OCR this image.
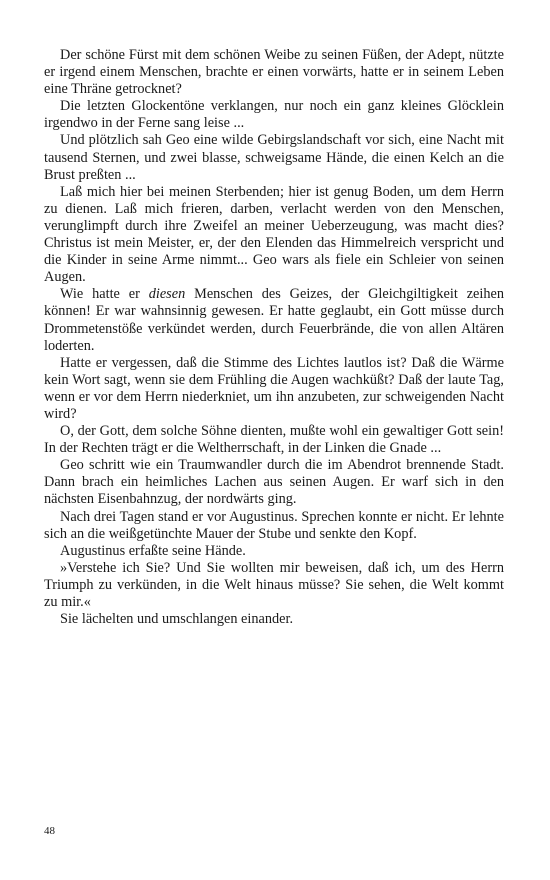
Der schöne Fürst mit dem schönen Weibe zu seinen Füßen, der Adept, nützte er irgend einem Menschen, brachte er einen vorwärts, hatte er in seinem Leben eine Thräne getrocknet?

Die letzten Glockentöne verklangen, nur noch ein ganz kleines Glöcklein irgendwo in der Ferne sang leise ...

Und plötzlich sah Geo eine wilde Gebirgslandschaft vor sich, eine Nacht mit tausend Sternen, und zwei blasse, schweigsame Hände, die einen Kelch an die Brust preßten ...

Laß mich hier bei meinen Sterbenden; hier ist genug Boden, um dem Herrn zu dienen. Laß mich frieren, darben, verlacht werden von den Menschen, verunglimpft durch ihre Zweifel an meiner Ueberzeugung, was macht dies? Christus ist mein Meister, er, der den Elenden das Himmelreich verspricht und die Kinder in seine Arme nimmt... Geo wars als fiele ein Schleier von seinen Augen.

Wie hatte er diesen Menschen des Geizes, der Gleichgiltigkeit zeihen können! Er war wahnsinnig gewesen. Er hatte geglaubt, ein Gott müsse durch Drommetenstöße verkündet werden, durch Feuerbrände, die von allen Altären loderten.

Hatte er vergessen, daß die Stimme des Lichtes lautlos ist? Daß die Wärme kein Wort sagt, wenn sie dem Frühling die Augen wachküßt? Daß der laute Tag, wenn er vor dem Herrn niederkniet, um ihn anzubeten, zur schweigenden Nacht wird?

O, der Gott, dem solche Söhne dienten, mußte wohl ein gewaltiger Gott sein! In der Rechten trägt er die Weltherrschaft, in der Linken die Gnade ...

Geo schritt wie ein Traumwandler durch die im Abendrot brennende Stadt. Dann brach ein heimliches Lachen aus seinen Augen. Er warf sich in den nächsten Eisenbahnzug, der nordwärts ging.

Nach drei Tagen stand er vor Augustinus. Sprechen konnte er nicht. Er lehnte sich an die weißgetünchte Mauer der Stube und senkte den Kopf.

Augustinus erfaßte seine Hände.

»Verstehe ich Sie? Und Sie wollten mir beweisen, daß ich, um des Herrn Triumph zu verkünden, in die Welt hinaus müsse? Sie sehen, die Welt kommt zu mir.«

Sie lächelten und umschlangen einander.

48
